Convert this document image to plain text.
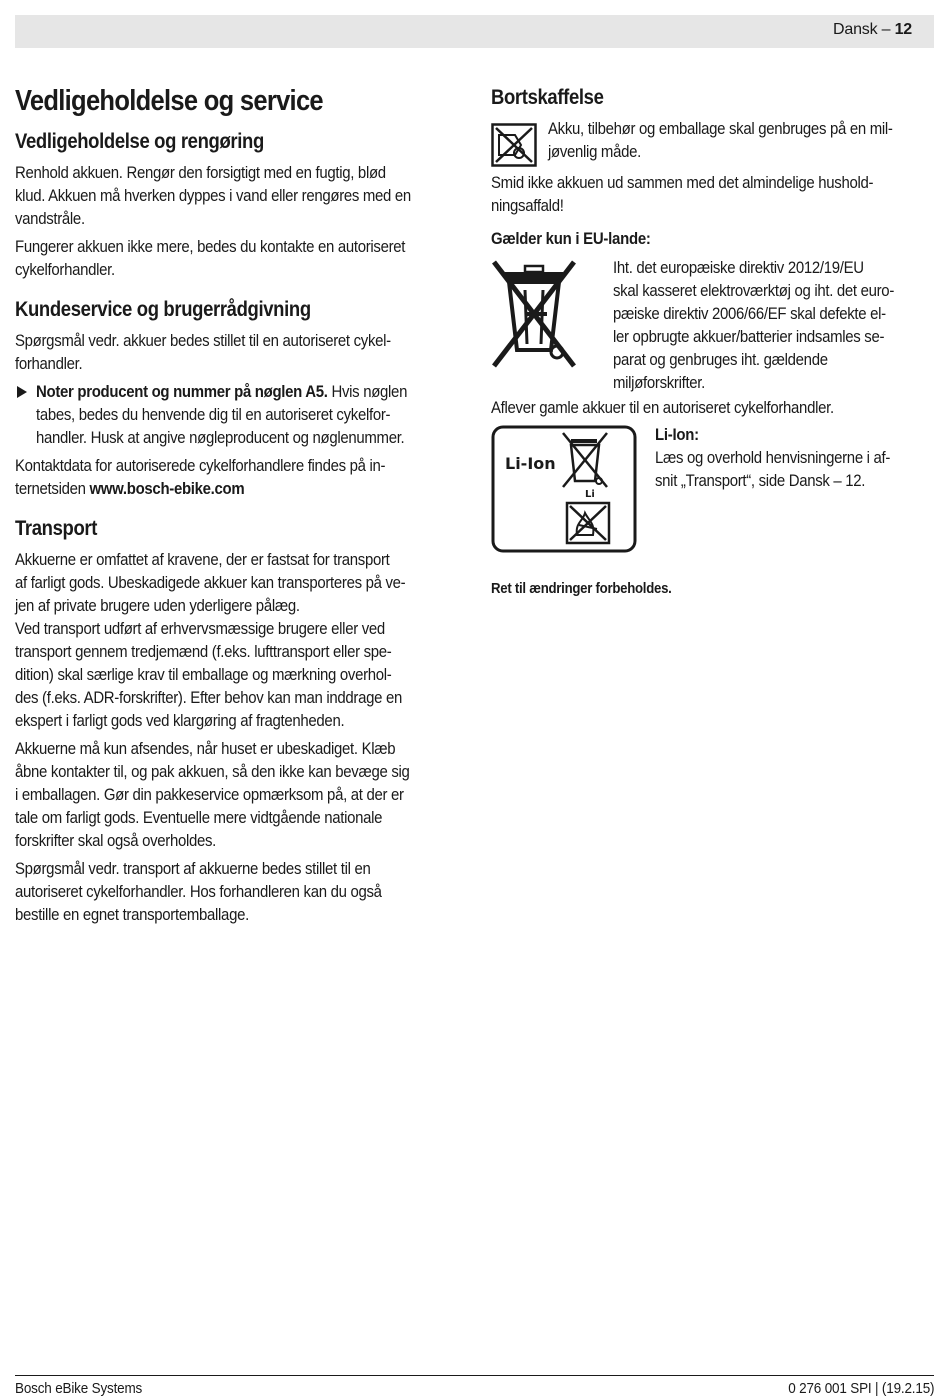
Dansk – 12
Vedligeholdelse og service
Vedligeholdelse og rengøring
Renhold akkuen. Rengør den forsigtigt med en fugtig, blød
klud. Akkuen må hverken dyppes i vand eller rengøres med en
vandstråle.
Fungerer akkuen ikke mere, bedes du kontakte en autoriseret
cykelforhandler.
Kundeservice og brugerrådgivning
Spørgsmål vedr. akkuer bedes stillet til en autoriseret cykel-
forhandler.
Noter producent og nummer på nøglen A5. Hvis nøglen
tabes, bedes du henvende dig til en autoriseret cykelfor-
handler. Husk at angive nøgleproducent og nøglenummer.
Kontaktdata for autoriserede cykelforhandlere findes på in-
ternetsiden www.bosch-ebike.com
Transport
Akkuerne er omfattet af kravene, der er fastsat for transport
af farligt gods. Ubeskadigede akkuer kan transporteres på ve-
jen af private brugere uden yderligere pålæg.
Ved transport udført af erhvervsmæssige brugere eller ved
transport gennem tredjemænd (f.eks. lufttransport eller spe-
dition) skal særlige krav til emballage og mærkning overhol-
des (f.eks. ADR-forskrifter). Efter behov kan man inddrage en
ekspert i farligt gods ved klargøring af fragtenheden.
Akkuerne må kun afsendes, når huset er ubeskadiget. Klæb
åbne kontakter til, og pak akkuen, så den ikke kan bevæge sig
i emballagen. Gør din pakkeservice opmærksom på, at der er
tale om farligt gods. Eventuelle mere vidtgående nationale
forskrifter skal også overholdes.
Spørgsmål vedr. transport af akkuerne bedes stillet til en
autoriseret cykelforhandler. Hos forhandleren kan du også
bestille en egnet transportemballage.
Bortskaffelse
Akku, tilbehør og emballage skal genbruges på en mil-
jøvenlig måde.
Smid ikke akkuen ud sammen med det almindelige hushold-
ningsaffald!
Gælder kun i EU-lande:
Iht. det europæiske direktiv 2012/19/EU
skal kasseret elektroværktøj og iht. det euro-
pæiske direktiv 2006/66/EF skal defekte el-
ler opbrugte akkuer/batterier indsamles se-
parat og genbruges iht. gældende
miljøforskrifter.
Aflever gamle akkuer til en autoriseret cykelforhandler.
Li-Ion
Li
Li-Ion:
Læs og overhold henvisningerne i af-
snit „Transport“, side Dansk – 12.
Ret til ændringer forbeholdes.
Bosch eBike Systems	0 276 001 SPI | (19.2.15)
